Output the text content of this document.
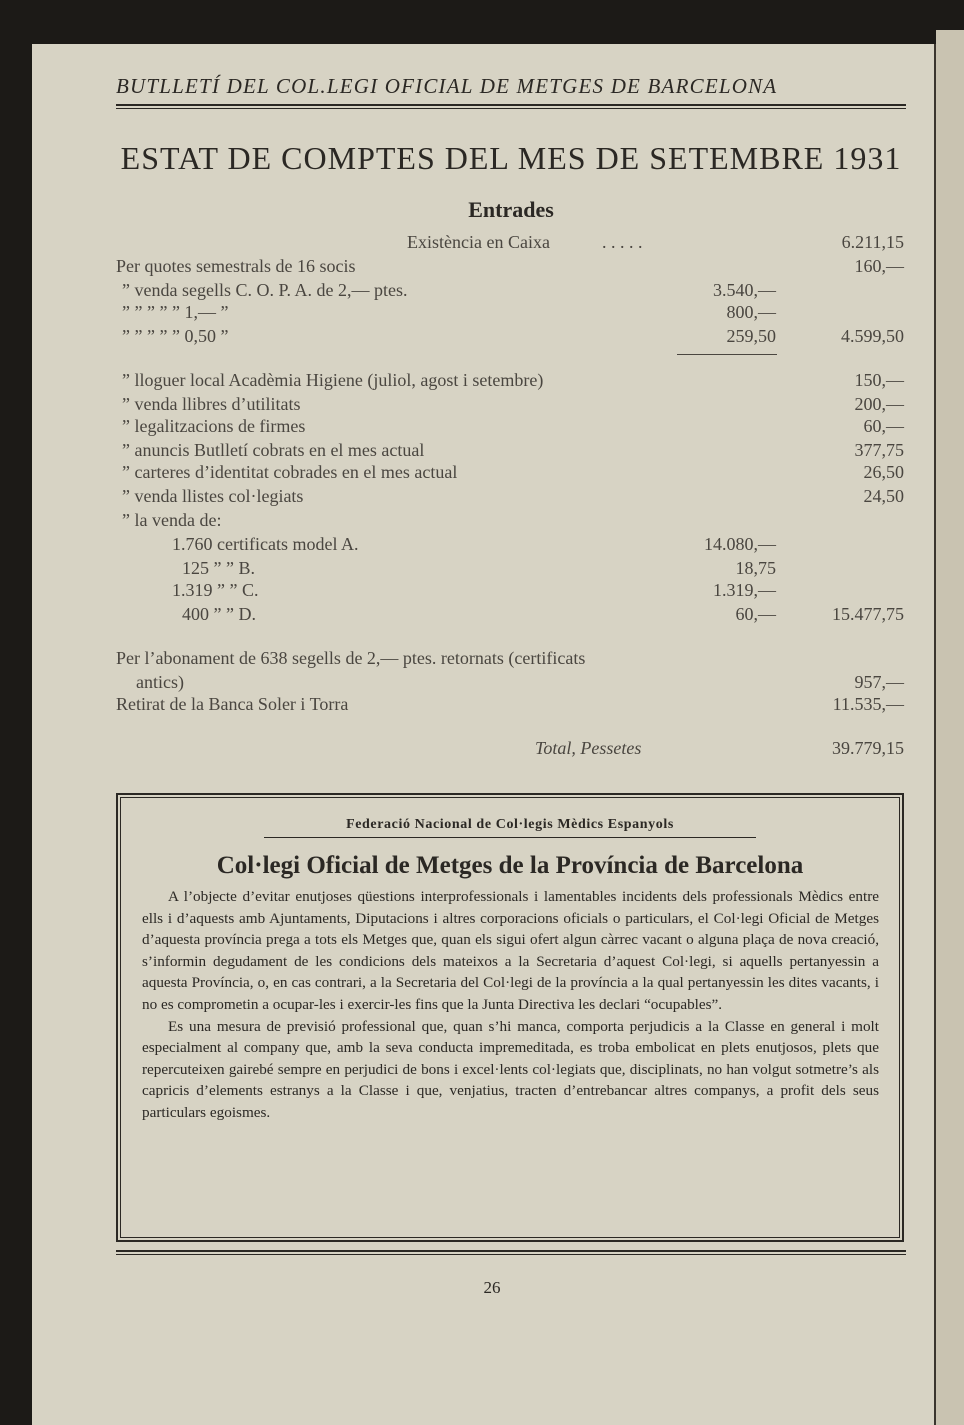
BUTLLETÍ DEL COL.LEGI OFICIAL DE METGES DE BARCELONA
ESTAT DE COMPTES DEL MES DE SETEMBRE 1931
Entrades
Existència en Caixa	. . . . .	6.211,15
Per quotes semestrals de 16 socis	160,—
” venda segells C. O. P. A. de 2,— ptes.	3.540,—
” ” ” ” ” 1,— ”	800,—
” ” ” ” ” 0,50 ”	259,50	4.599,50
” lloguer local Acadèmia Higiene (juliol, agost i setembre)	150,—
” venda llibres d’utilitats	200,—
” legalitzacions de firmes	60,—
” anuncis Butlletí cobrats en el mes actual	377,75
” carteres d’identitat cobrades en el mes actual	26,50
” venda llistes col·legiats	24,50
” la venda de:
1.760 certificats model A.	14.080,—
125 ” ” B.	18,75
1.319 ” ” C.	1.319,—
400 ” ” D.	60,—	15.477,75
Per l’abonament de 638 segells de 2,— ptes. retornats (certificats
antics)	957,—
Retirat de la Banca Soler i Torra	11.535,—
Total, Pessetes	39.779,15
Federació Nacional de Col·legis Mèdics Espanyols
Col·legi Oficial de Metges de la Província de Barcelona

A l’objecte d’evitar enutjoses qüestions interprofessionals i lamentables incidents dels professionals Mèdics entre ells i d’aquests amb Ajuntaments, Diputacions i altres corporacions oficials o particulars, el Col·legi Oficial de Metges d’aquesta província prega a tots els Metges que, quan els sigui ofert algun càrrec vacant o alguna plaça de nova creació, s’informin degudament de les condicions dels mateixos a la Secretaria d’aquest Col·legi, si aquells pertanyessin a aquesta Província, o, en cas contrari, a la Secretaria del Col·legi de la província a la qual pertanyessin les dites vacants, i no es comprometin a ocupar-les i exercir-les fins que la Junta Directiva les declari “ocupables”.

Es una mesura de previsió professional que, quan s’hi manca, comporta perjudicis a la Classe en general i molt especialment al company que, amb la seva conducta impremeditada, es troba embolicat en plets enutjosos, plets que repercuteixen gairebé sempre en perjudici de bons i excel·lents col·legiats que, disciplinats, no han volgut sotmetre’s als capricis d’elements estranys a la Classe i que, venjatius, tracten d’entrebancar altres companys, a profit dels seus particulars egoismes.

26
